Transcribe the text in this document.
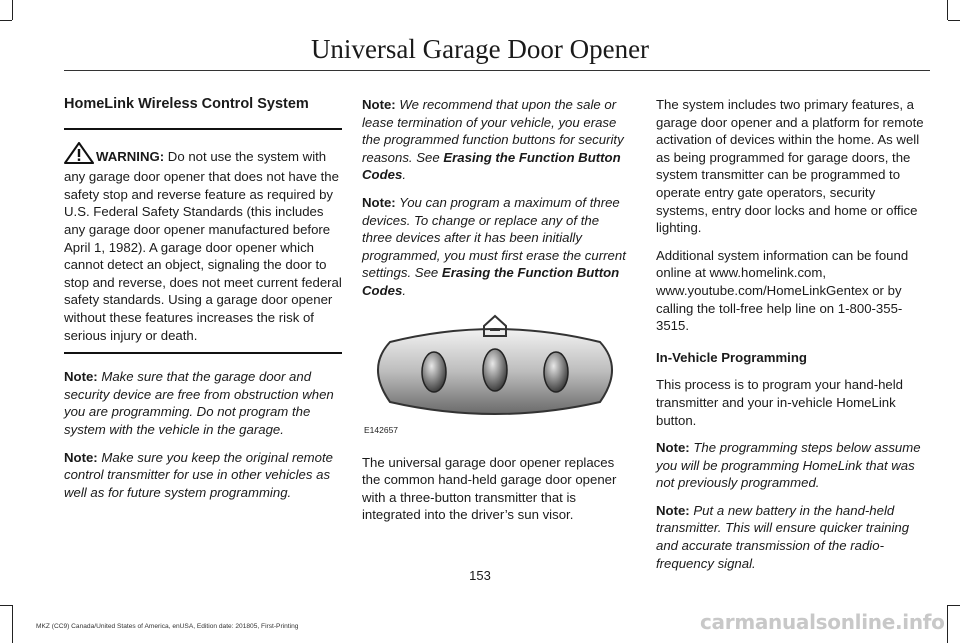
Universal Garage Door Opener

HomeLink Wireless Control System

WARNING: Do not use the system with any garage door opener that does not have the safety stop and reverse feature as required by U.S. Federal Safety Standards (this includes any garage door opener manufactured before April 1, 1982). A garage door opener which cannot detect an object, signaling the door to stop and reverse, does not meet current federal safety standards. Using a garage door opener without these features increases the risk of serious injury or death.

Note: Make sure that the garage door and security device are free from obstruction when you are programming. Do not program the system with the vehicle in the garage.

Note: Make sure you keep the original remote control transmitter for use in other vehicles as well as for future system programming.

Note: We recommend that upon the sale or lease termination of your vehicle, you erase the programmed function buttons for security reasons. See Erasing the Function Button Codes.

Note: You can program a maximum of three devices. To change or replace any of the three devices after it has been initially programmed, you must first erase the current settings. See Erasing the Function Button Codes.

E142657

The universal garage door opener replaces the common hand-held garage door opener with a three-button transmitter that is integrated into the driver’s sun visor.

The system includes two primary features, a garage door opener and a platform for remote activation of devices within the home. As well as being programmed for garage doors, the system transmitter can be programmed to operate entry gate operators, security systems, entry door locks and home or office lighting.

Additional system information can be found online at www.homelink.com, www.youtube.com/HomeLinkGentex or by calling the toll-free help line on 1-800-355-3515.

In-Vehicle Programming

This process is to program your hand-held transmitter and your in-vehicle HomeLink button.

Note: The programming steps below assume you will be programming HomeLink that was not previously programmed.

Note: Put a new battery in the hand-held transmitter. This will ensure quicker training and accurate transmission of the radio-frequency signal.

153
MKZ (CC9) Canada/United States of America, enUSA, Edition date: 201805, First-Printing	carmanualsonline.info
